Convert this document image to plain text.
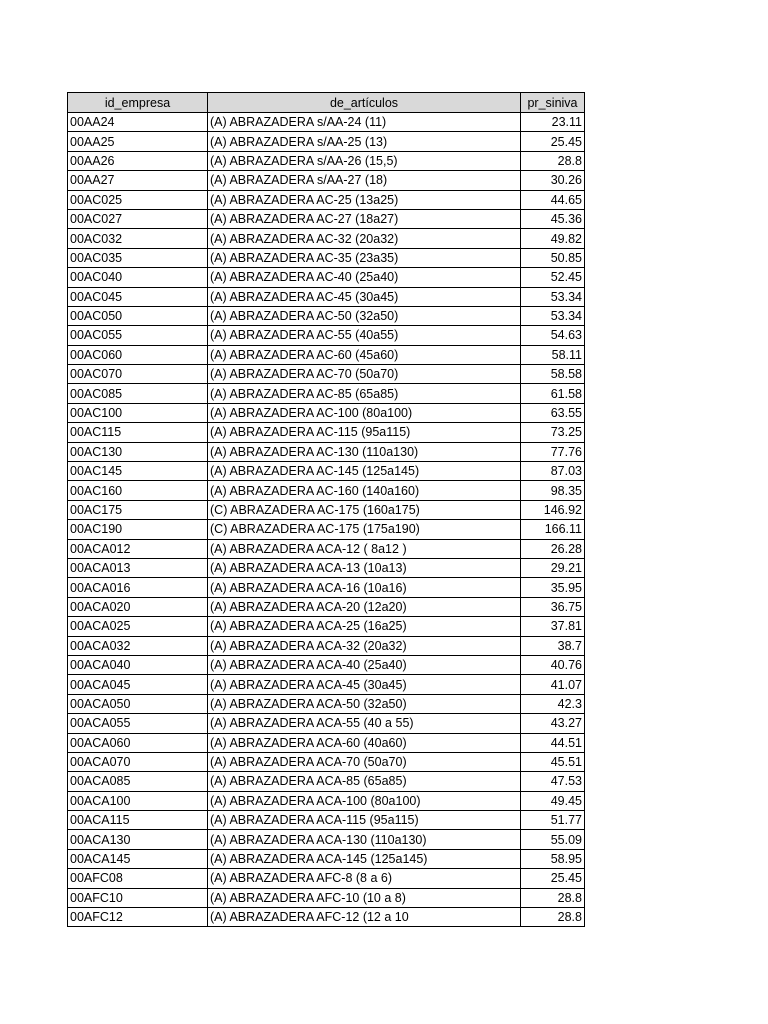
id_empresa	de_artículos	pr_siniva
00AA24	(A) ABRAZADERA s/AA-24 (11)	23.11
00AA25	(A) ABRAZADERA s/AA-25 (13)	25.45
00AA26	(A) ABRAZADERA s/AA-26 (15,5)	28.8
00AA27	(A) ABRAZADERA s/AA-27 (18)	30.26
00AC025	(A) ABRAZADERA AC-25 (13a25)	44.65
00AC027	(A) ABRAZADERA AC-27 (18a27)	45.36
00AC032	(A) ABRAZADERA AC-32 (20a32)	49.82
00AC035	(A) ABRAZADERA AC-35 (23a35)	50.85
00AC040	(A) ABRAZADERA AC-40 (25a40)	52.45
00AC045	(A) ABRAZADERA AC-45 (30a45)	53.34
00AC050	(A) ABRAZADERA AC-50 (32a50)	53.34
00AC055	(A) ABRAZADERA AC-55 (40a55)	54.63
00AC060	(A) ABRAZADERA AC-60 (45a60)	58.11
00AC070	(A) ABRAZADERA AC-70 (50a70)	58.58
00AC085	(A) ABRAZADERA AC-85 (65a85)	61.58
00AC100	(A) ABRAZADERA AC-100 (80a100)	63.55
00AC115	(A) ABRAZADERA AC-115 (95a115)	73.25
00AC130	(A) ABRAZADERA AC-130 (110a130)	77.76
00AC145	(A) ABRAZADERA AC-145 (125a145)	87.03
00AC160	(A) ABRAZADERA AC-160 (140a160)	98.35
00AC175	(C) ABRAZADERA AC-175 (160a175)	146.92
00AC190	(C) ABRAZADERA AC-175 (175a190)	166.11
00ACA012	(A) ABRAZADERA ACA-12 ( 8a12 )	26.28
00ACA013	(A) ABRAZADERA ACA-13 (10a13)	29.21
00ACA016	(A) ABRAZADERA ACA-16 (10a16)	35.95
00ACA020	(A) ABRAZADERA ACA-20 (12a20)	36.75
00ACA025	(A) ABRAZADERA ACA-25 (16a25)	37.81
00ACA032	(A) ABRAZADERA ACA-32 (20a32)	38.7
00ACA040	(A) ABRAZADERA ACA-40 (25a40)	40.76
00ACA045	(A) ABRAZADERA ACA-45 (30a45)	41.07
00ACA050	(A) ABRAZADERA ACA-50 (32a50)	42.3
00ACA055	(A) ABRAZADERA ACA-55 (40 a 55)	43.27
00ACA060	(A) ABRAZADERA ACA-60 (40a60)	44.51
00ACA070	(A) ABRAZADERA ACA-70 (50a70)	45.51
00ACA085	(A) ABRAZADERA ACA-85 (65a85)	47.53
00ACA100	(A) ABRAZADERA ACA-100 (80a100)	49.45
00ACA115	(A) ABRAZADERA ACA-115 (95a115)	51.77
00ACA130	(A) ABRAZADERA ACA-130 (110a130)	55.09
00ACA145	(A) ABRAZADERA ACA-145 (125a145)	58.95
00AFC08	(A) ABRAZADERA AFC-8 (8 a 6)	25.45
00AFC10	(A) ABRAZADERA AFC-10 (10 a 8)	28.8
00AFC12	(A) ABRAZADERA AFC-12 (12 a 10	28.8
